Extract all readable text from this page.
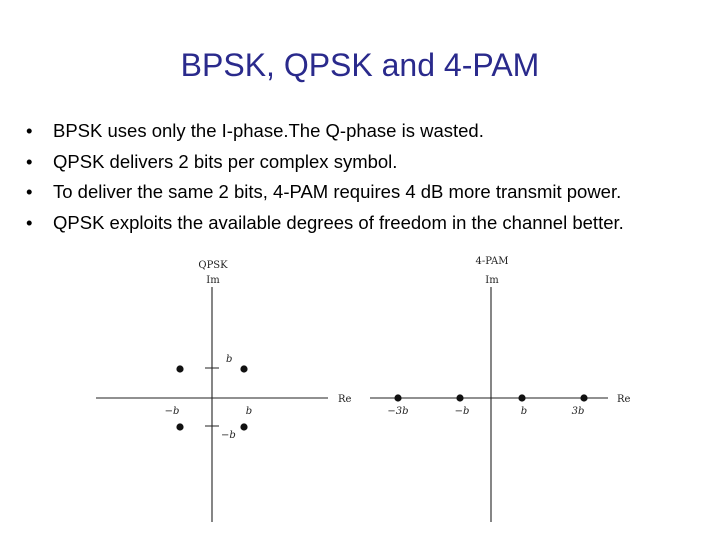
BPSK, QPSK and 4-PAM
•	BPSK uses only the I-phase.The Q-phase is wasted.
•	QPSK delivers 2 bits per complex symbol.
•	To deliver the same 2 bits, 4-PAM requires 4 dB more transmit power.
•	QPSK exploits the available degrees of freedom in the channel better.
QPSK
Im
Re
b
−b
−b	b
4-PAM
Im
Re
−3b	−b	b	3b
